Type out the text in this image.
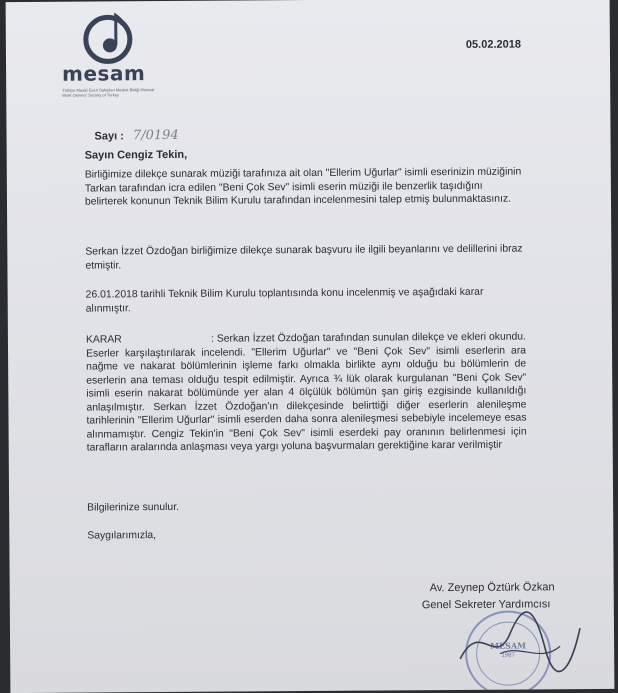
mesam
Türkiye Musiki Eseri Sahipleri Meslek Birliği Musical Work Owners' Society of Turkey
05.02.2018
Sayı : 7/0194
Sayın Cengiz Tekin,

Birliğimize dilekçe sunarak müziği tarafınıza ait olan "Ellerim Uğurlar" isimli eserinizin müziğinin Tarkan tarafından icra edilen "Beni Çok Sev" isimli eserin müziği ile benzerlik taşıdığını belirterek konunun Teknik Bilim Kurulu tarafından incelenmesini talep etmiş bulunmaktasınız.

Serkan İzzet Özdoğan birliğimize dilekçe sunarak başvuru ile ilgili beyanlarını ve delillerini ibraz etmiştir.

26.01.2018 tarihli Teknik Bilim Kurulu toplantısında konu incelenmiş ve aşağıdaki karar alınmıştır.

KARAR                              : Serkan İzzet Özdoğan tarafından sunulan dilekçe ve ekleri okundu. Eserler karşılaştırılarak incelendi. "Ellerim Uğurlar" ve "Beni Çok Sev" isimli eserlerin ara nağme ve nakarat bölümlerinin işleme farkı olmakla birlikte aynı olduğu bu bölümlerin de eserlerin ana teması olduğu tespit edilmiştir. Ayrıca ¾ lük olarak kurgulanan "Beni Çok Sev" isimli eserin nakarat bölümünde yer alan 4 ölçülük bölümün şan giriş ezgisinde kullanıldığı anlaşılmıştır. Serkan İzzet Özdoğan'ın dilekçesinde belirttiği diğer eserlerin alenileşme tarihlerinin "Ellerim Uğurlar" isimli eserden daha sonra alenileşmesi sebebiyle incelemeye esas alınmamıştır. Cengiz Tekin'in "Beni Çok Sev" isimli eserdeki pay oranının belirlenmesi için tarafların aralarında anlaşması veya yargı yoluna başvurmaları gerektiğine karar verilmiştir

Bilgilerinize sunulur.

Saygılarımızla,

Av. Zeynep Öztürk Özkan
Genel Sekreter Yardımcısı
MESAM
1987
